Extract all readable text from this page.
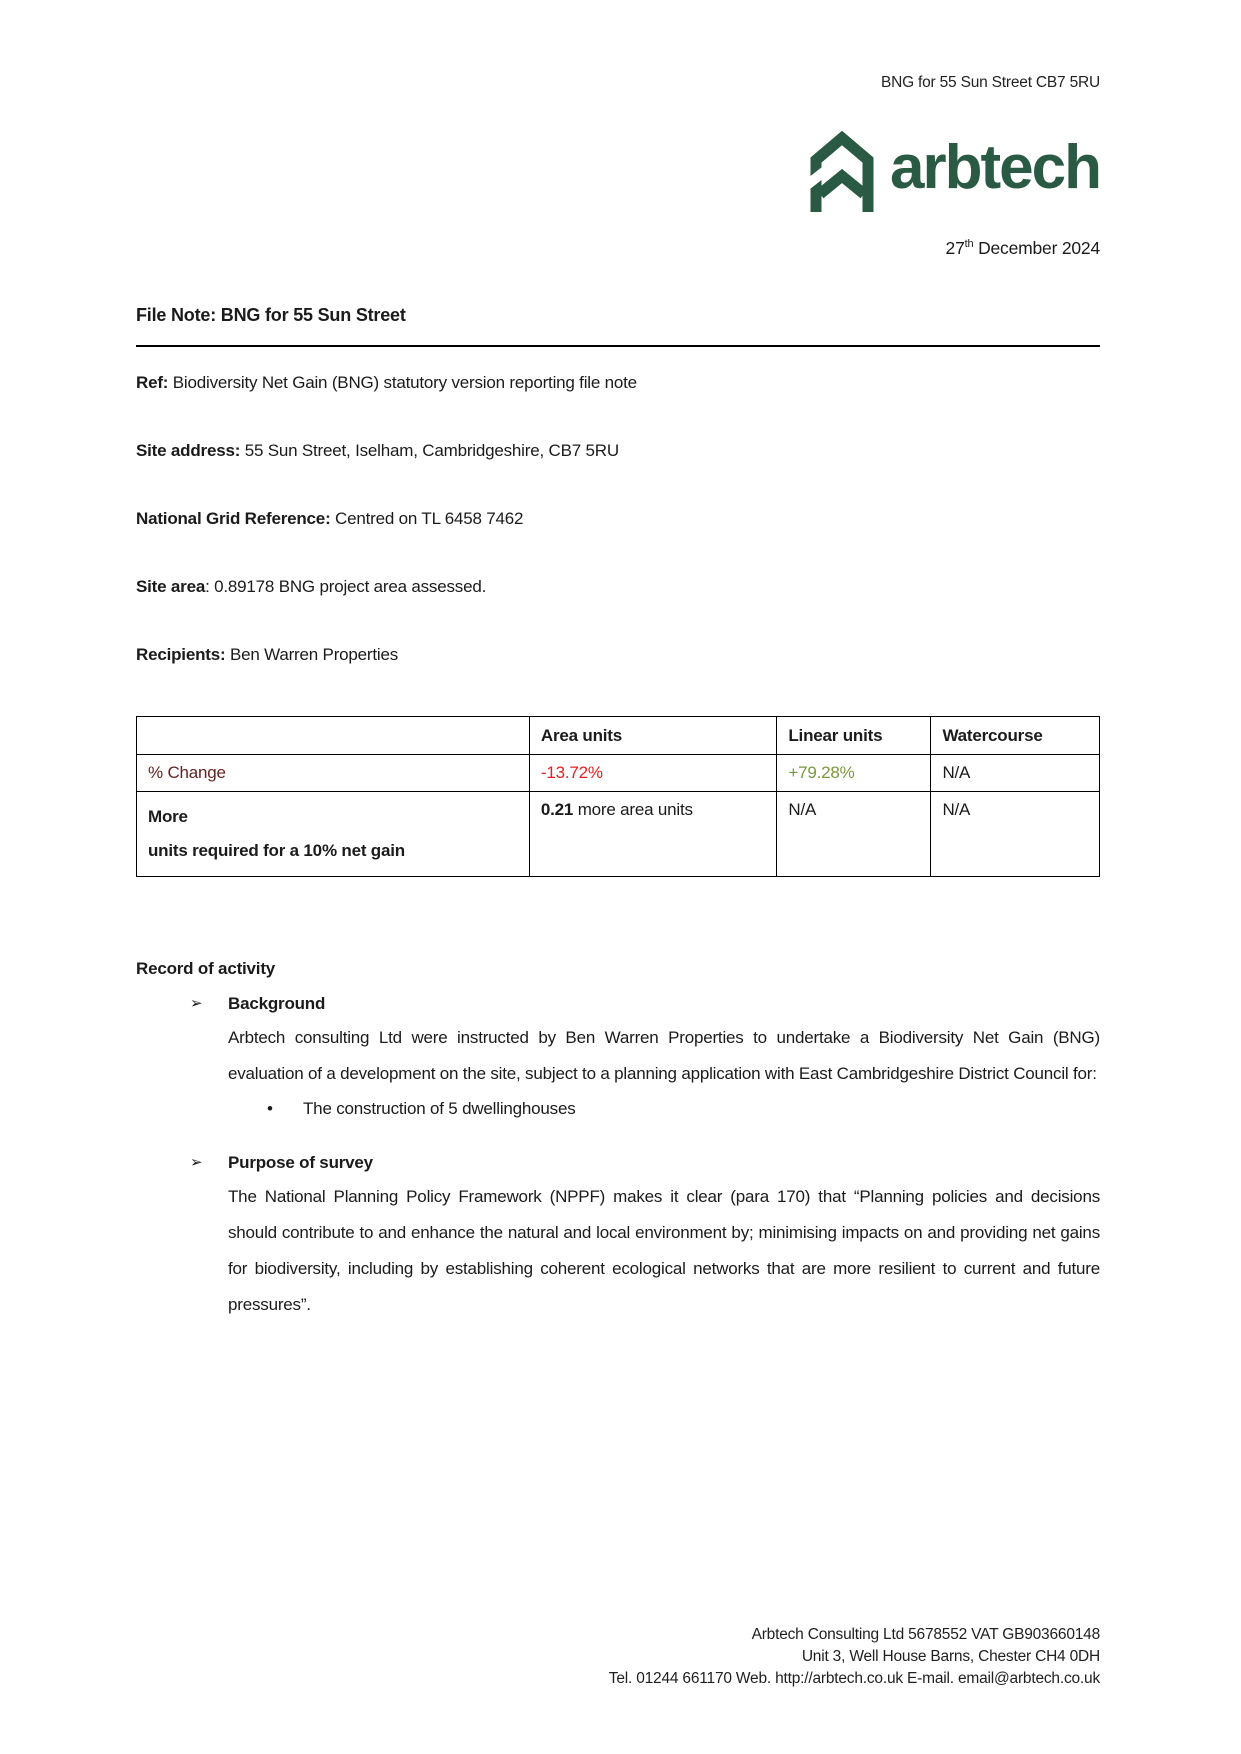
BNG for 55 Sun Street CB7 5RU
arbtech
27th December 2024
File Note: BNG for 55 Sun Street

Ref: Biodiversity Net Gain (BNG) statutory version reporting file note

Site address: 55 Sun Street, Iselham, Cambridgeshire, CB7 5RU

National Grid Reference: Centred on TL 6458 7462

Site area: 0.89178 BNG project area assessed.

Recipients: Ben Warren Properties

	Area units	Linear units	Watercourse
% Change	-13.72%	+79.28%	N/A

More
units required for a 10% net gain	0.21 more area units	N/A	N/A

Record of activity

➢	Background

Arbtech consulting Ltd were instructed by Ben Warren Properties to undertake a Biodiversity Net Gain (BNG) evaluation of a development on the site, subject to a planning application with East Cambridgeshire District Council for:

•	The construction of 5 dwellinghouses
➢	Purpose of survey

The National Planning Policy Framework (NPPF) makes it clear (para 170) that “Planning policies and decisions should contribute to and enhance the natural and local environment by; minimising impacts on and providing net gains for biodiversity, including by establishing coherent ecological networks that are more resilient to current and future pressures”.

Arbtech Consulting Ltd 5678552 VAT GB903660148
Unit 3, Well House Barns, Chester CH4 0DH
Tel. 01244 661170 Web. http://arbtech.co.uk E-mail. email@arbtech.co.uk
